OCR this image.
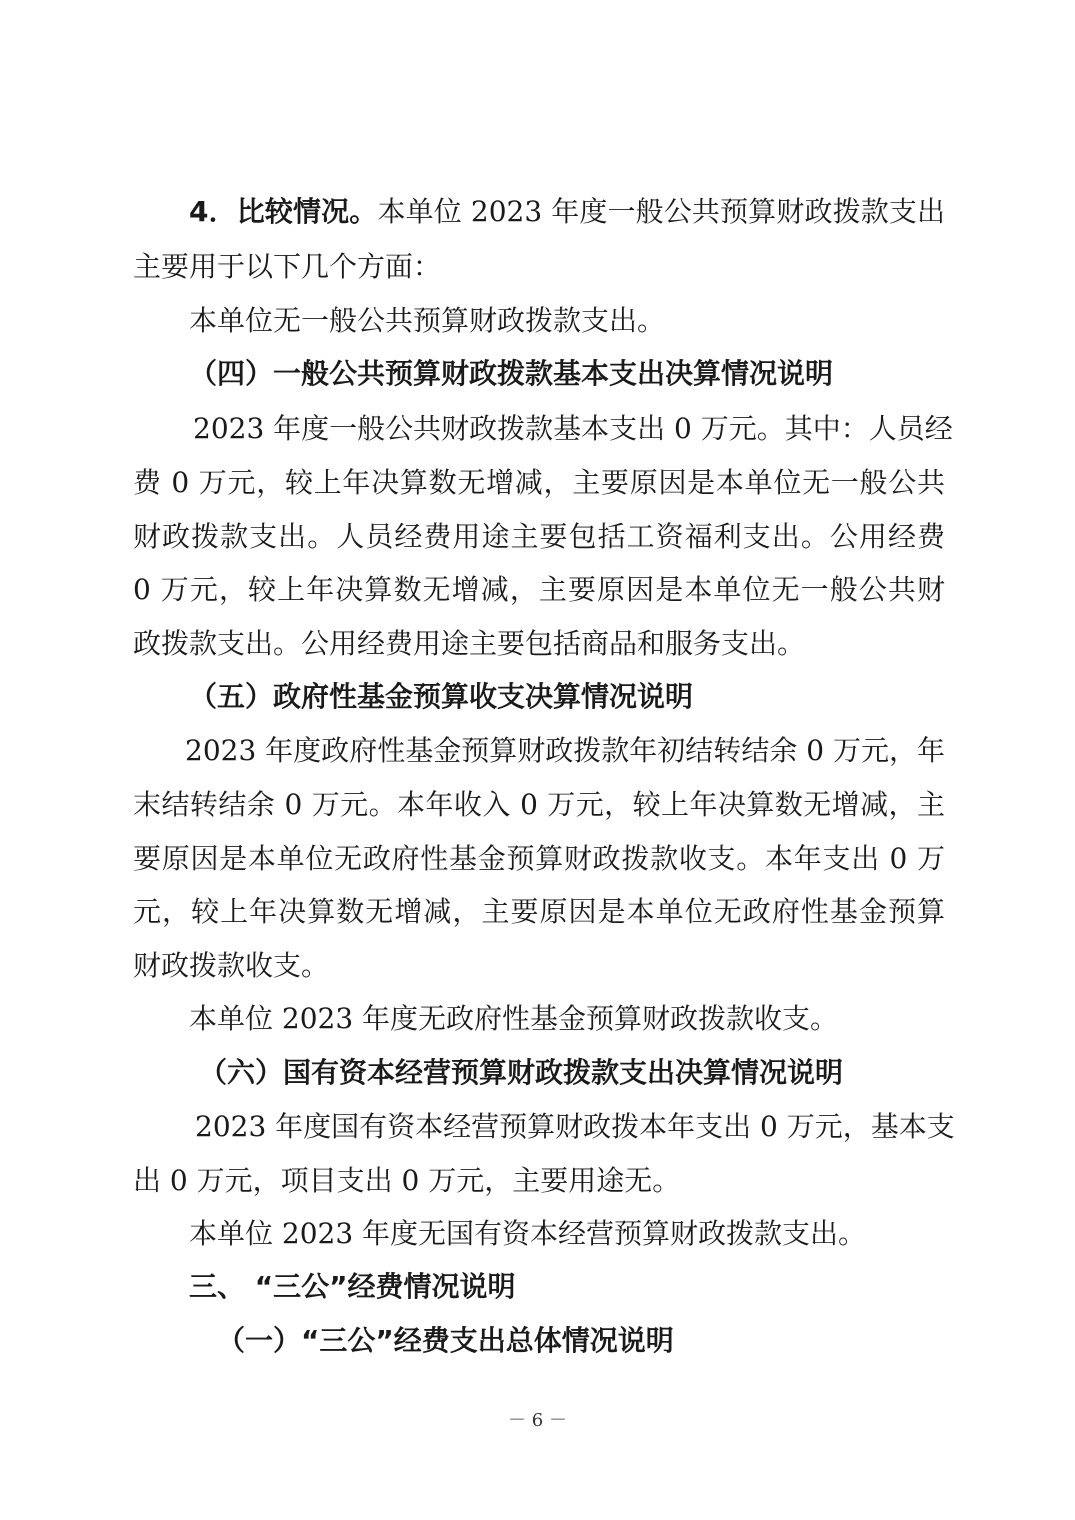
4．比较情况。本单位 2023 年度一般公共预算财政拨款支出
主要用于以下几个方面：
本单位无一般公共预算财政拨款支出。
（四）一般公共预算财政拨款基本支出决算情况说明
2023 年度一般公共财政拨款基本支出 0 万元。其中：人员经
费 0 万元，较上年决算数无增减，主要原因是本单位无一般公共
财政拨款支出。人员经费用途主要包括工资福利支出。公用经费
0 万元，较上年决算数无增减，主要原因是本单位无一般公共财
政拨款支出。公用经费用途主要包括商品和服务支出。
（五）政府性基金预算收支决算情况说明
2023 年度政府性基金预算财政拨款年初结转结余 0 万元，年
末结转结余 0 万元。本年收入 0 万元，较上年决算数无增减，主
要原因是本单位无政府性基金预算财政拨款收支。本年支出 0 万
元，较上年决算数无增减，主要原因是本单位无政府性基金预算
财政拨款收支。
本单位 2023 年度无政府性基金预算财政拨款收支。
（六）国有资本经营预算财政拨款支出决算情况说明
2023 年度国有资本经营预算财政拨本年支出 0 万元，基本支
出 0 万元，项目支出 0 万元，主要用途无。
本单位 2023 年度无国有资本经营预算财政拨款支出。
三、 “三公”经费情况说明
（一）“三公”经费支出总体情况说明
－ 6 －
